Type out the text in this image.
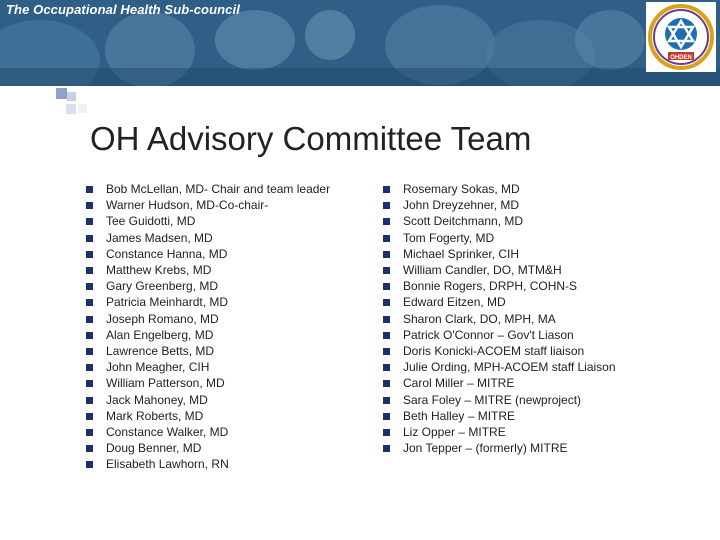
The Occupational Health Sub-council
OHDEN
OH Advisory Committee Team
Bob McLellan, MD- Chair and team leader
Warner Hudson, MD-Co-chair-
Tee Guidotti, MD
James Madsen, MD
Constance Hanna, MD
Matthew Krebs, MD
Gary Greenberg, MD
Patricia Meinhardt, MD
Joseph Romano, MD
Alan Engelberg, MD
Lawrence Betts, MD
John Meagher, CIH
William Patterson, MD
Jack Mahoney, MD
Mark Roberts, MD
Constance Walker, MD
Doug Benner, MD
Elisabeth Lawhorn, RN
Rosemary Sokas, MD
John Dreyzehner, MD
Scott Deitchmann, MD
Tom Fogerty, MD
Michael Sprinker, CIH
William Candler, DO, MTM&H
Bonnie Rogers, DRPH, COHN-S
Edward Eitzen, MD
Sharon Clark, DO, MPH, MA
Patrick O'Connor – Gov't Liason
Doris Konicki-ACOEM staff liaison
Julie Ording, MPH-ACOEM staff Liaison
Carol Miller – MITRE
Sara Foley – MITRE (newproject)
Beth Halley – MITRE
Liz Opper – MITRE
Jon Tepper – (formerly) MITRE
